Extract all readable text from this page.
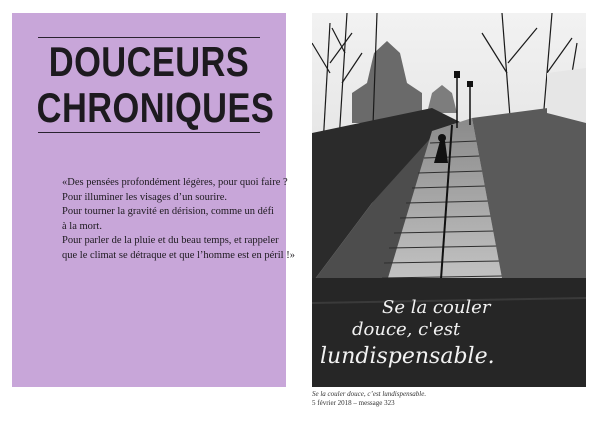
DOUCEURS
CHRONIQUES
«Des pensées profondément légères, pour quoi faire ?
Pour illuminer les visages d’un sourire.
Pour tourner la gravité en dérision, comme un défi
à la mort.
Pour parler de la pluie et du beau temps, et rappeler
que le climat se détraque et que l’homme est en péril !»
Se la couler
douce, c'est
lundispensable.
Se la couler douce, c’est lundispensable.
5 février 2018 – message 323
